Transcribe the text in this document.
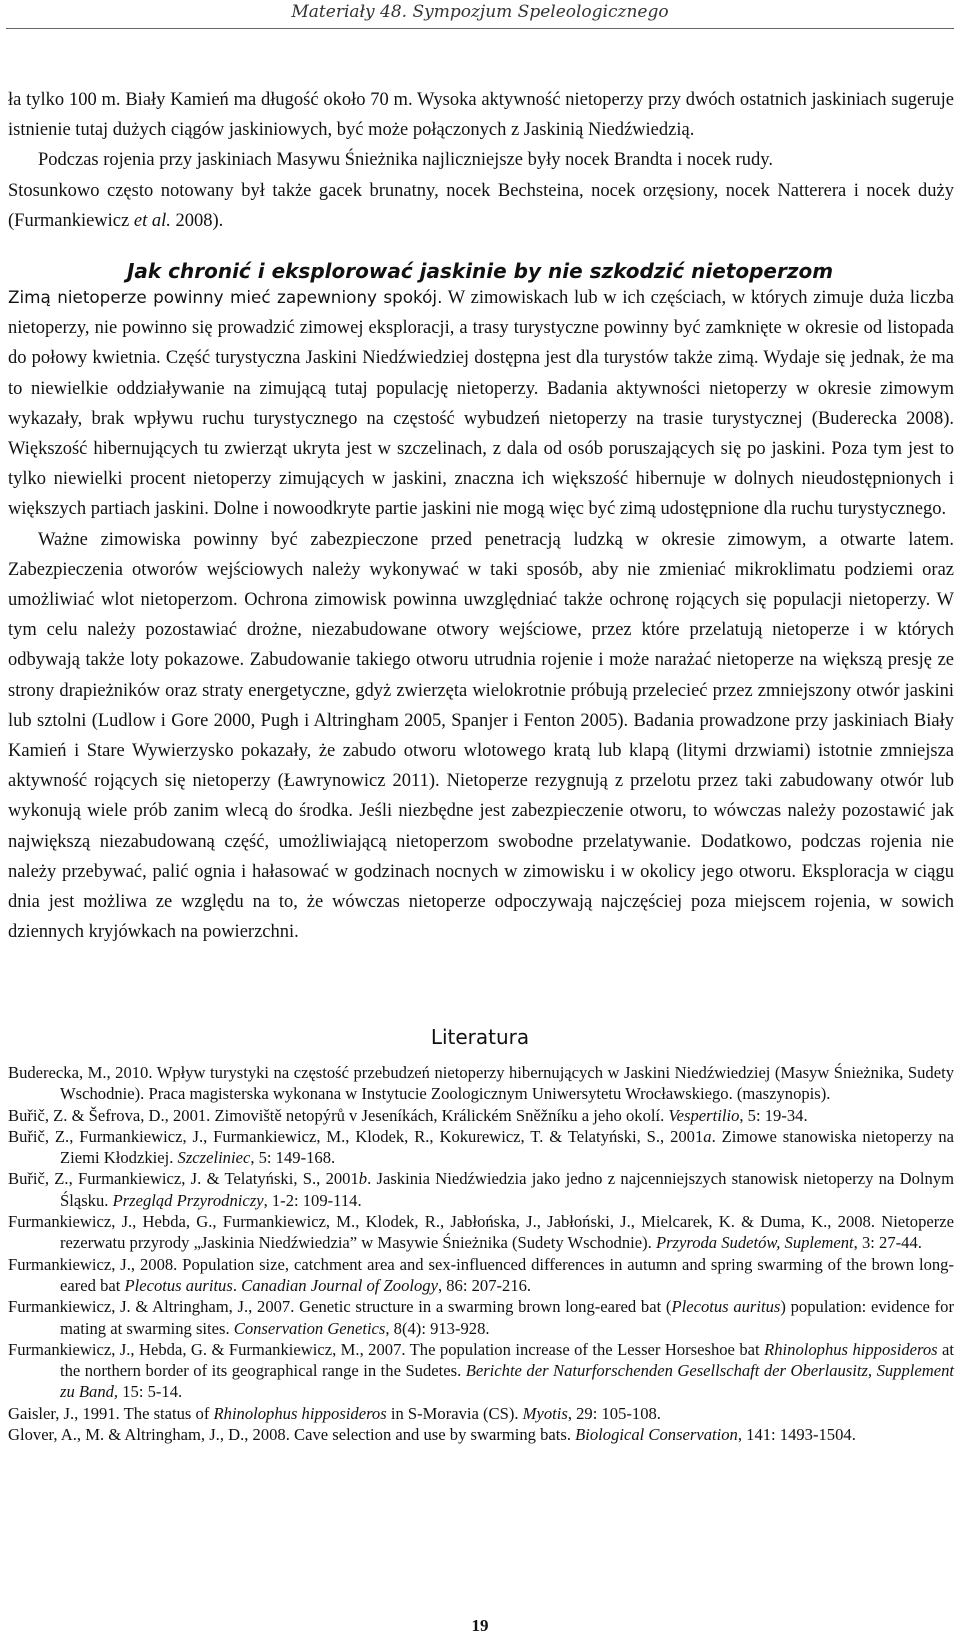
Materiały 48. Sympozjum Speleologicznego

ła tylko 100 m. Biały Kamień ma długość około 70 m. Wysoka aktywność nietoperzy przy dwóch ostatnich jaskiniach sugeruje istnienie tutaj dużych ciągów jaskiniowych, być może połączonych z Jaskinią Niedźwiedzią.

Podczas rojenia przy jaskiniach Masywu Śnieżnika najliczniejsze były nocek Brandta i nocek rudy.

Stosunkowo często notowany był także gacek brunatny, nocek Bechsteina, nocek orzęsiony, nocek Natterera i nocek duży (Furmankiewicz et al. 2008).

Jak chronić i eksplorować jaskinie by nie szkodzić nietoperzom

Zimą nietoperze powinny mieć zapewniony spokój. W zimowiskach lub w ich częściach, w których zimuje duża liczba nietoperzy, nie powinno się prowadzić zimowej eksploracji, a trasy turystyczne powinny być zamknięte w okresie od listopada do połowy kwietnia. Część turystyczna Jaskini Niedźwiedziej dostępna jest dla turystów także zimą. Wydaje się jednak, że ma to niewielkie oddziaływanie na zimującą tutaj populację nietoperzy. Badania aktywności nietoperzy w okresie zimowym wykazały, brak wpływu ruchu turystycznego na częstość wybudzeń nietoperzy na trasie turystycznej (Buderecka 2008). Większość hibernujących tu zwierząt ukryta jest w szczelinach, z dala od osób poruszających się po jaskini. Poza tym jest to tylko niewielki procent nietoperzy zimujących w jaskini, znaczna ich większość hibernuje w dolnych nieudostępnionych i większych partiach jaskini. Dolne i nowoodkryte partie jaskini nie mogą więc być zimą udostępnione dla ruchu turystycznego.

Ważne zimowiska powinny być zabezpieczone przed penetracją ludzką w okresie zimowym, a otwarte latem. Zabezpieczenia otworów wejściowych należy wykonywać w taki sposób, aby nie zmieniać mikroklimatu podziemi oraz umożliwiać wlot nietoperzom. Ochrona zimowisk powinna uwzględniać także ochronę rojących się populacji nietoperzy. W tym celu należy pozostawiać drożne, niezabudowane otwory wejściowe, przez które przelatują nietoperze i w których odbywają także loty pokazowe. Zabudowanie takiego otworu utrudnia rojenie i może narażać nietoperze na większą presję ze strony drapieżników oraz straty energetyczne, gdyż zwierzęta wielokrotnie próbują przelecieć przez zmniejszony otwór jaskini lub sztolni (Ludlow i Gore 2000, Pugh i Altringham 2005, Spanjer i Fenton 2005). Badania prowadzone przy jaskiniach Biały Kamień i Stare Wywierzysko pokazały, że zabudo otworu wlotowego kratą lub klapą (litymi drzwiami) istotnie zmniejsza aktywność rojących się nietoperzy (Ławrynowicz 2011). Nietoperze rezygnują z przelotu przez taki zabudowany otwór lub wykonują wiele prób zanim wlecą do środka. Jeśli niezbędne jest zabezpieczenie otworu, to wówczas należy pozostawić jak największą niezabudowaną część, umożliwiającą nietoperzom swobodne przelatywanie. Dodatkowo, podczas rojenia nie należy przebywać, palić ognia i hałasować w godzinach nocnych w zimowisku i w okolicy jego otworu. Eksploracja w ciągu dnia jest możliwa ze względu na to, że wówczas nietoperze odpoczywają najczęściej poza miejscem rojenia, w sowich dziennych kryjówkach na powierzchni.

Literatura

Buderecka, M., 2010. Wpływ turystyki na częstość przebudzeń nietoperzy hibernujących w Jaskini Niedźwiedziej (Masyw Śnieżnika, Sudety Wschodnie). Praca magisterska wykonana w Instytucie Zoologicznym Uniwersytetu Wrocławskiego. (maszynopis).

Buřič, Z. & Šefrova, D., 2001. Zimoviště netopýrů v Jeseníkách, Králickém Sněžníku a jeho okolí. Vespertilio, 5: 19-34.

Buřič, Z., Furmankiewicz, J., Furmankiewicz, M., Klodek, R., Kokurewicz, T. & Telatyński, S., 2001a. Zimowe stanowiska nietoperzy na Ziemi Kłodzkiej. Szczeliniec, 5: 149-168.

Buřič, Z., Furmankiewicz, J. & Telatyński, S., 2001b. Jaskinia Niedźwiedzia jako jedno z najcenniejszych stanowisk nietoperzy na Dolnym Śląsku. Przegląd Przyrodniczy, 1-2: 109-114.

Furmankiewicz, J., Hebda, G., Furmankiewicz, M., Klodek, R., Jabłońska, J., Jabłoński, J., Mielcarek, K. & Duma, K., 2008. Nietoperze rezerwatu przyrody „Jaskinia Niedźwiedzia” w Masywie Śnieżnika (Sudety Wschodnie). Przyroda Sudetów, Suplement, 3: 27-44.

Furmankiewicz, J., 2008. Population size, catchment area and sex-influenced differences in autumn and spring swarming of the brown long-eared bat Plecotus auritus. Canadian Journal of Zoology, 86: 207-216.

Furmankiewicz, J. & Altringham, J., 2007. Genetic structure in a swarming brown long-eared bat (Plecotus auritus) population: evidence for mating at swarming sites. Conservation Genetics, 8(4): 913-928.

Furmankiewicz, J., Hebda, G. & Furmankiewicz, M., 2007. The population increase of the Lesser Horseshoe bat Rhinolophus hipposideros at the northern border of its geographical range in the Sudetes. Berichte der Naturforschenden Gesellschaft der Oberlausitz, Supplement zu Band, 15: 5-14.

Gaisler, J., 1991. The status of Rhinolophus hipposideros in S-Moravia (CS). Myotis, 29: 105-108.

Glover, A., M. & Altringham, J., D., 2008. Cave selection and use by swarming bats. Biological Conservation, 141: 1493-1504.

19
